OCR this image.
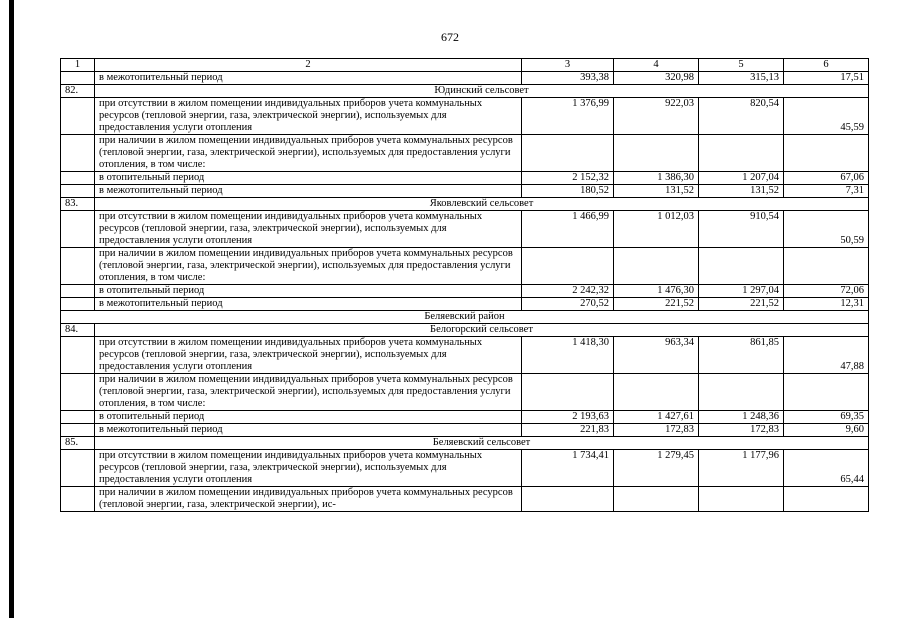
672
1	2	3	4	5	6
	в межотопительный период	393,38	320,98	315,13	17,51
82.	Юдинский сельсовет				
	при отсутствии в жилом помещении индивидуальных приборов учета коммунальных ресурсов (тепловой энергии, газа, электрической энергии), используемых для предоставления услуги отопления	1 376,99	922,03	820,54	45,59
	при наличии в жилом помещении индивидуальных приборов учета коммунальных ресурсов (тепловой энергии, газа, электрической энергии), используемых для предоставления услуги отопления, в том числе:				
	в отопительный период	2 152,32	1 386,30	1 207,04	67,06
	в межотопительный период	180,52	131,52	131,52	7,31
83.	Яковлевский сельсовет				
	при отсутствии в жилом помещении индивидуальных приборов учета коммунальных ресурсов (тепловой энергии, газа, электрической энергии), используемых для предоставления услуги отопления	1 466,99	1 012,03	910,54	50,59
	при наличии в жилом помещении индивидуальных приборов учета коммунальных ресурсов (тепловой энергии, газа, электрической энергии), используемых для предоставления услуги отопления, в том числе:				
	в отопительный период	2 242,32	1 476,30	1 297,04	72,06
	в межотопительный период	270,52	221,52	221,52	12,31
Беляевский район					
84.	Белогорский сельсовет				
	при отсутствии в жилом помещении индивидуальных приборов учета коммунальных ресурсов (тепловой энергии, газа, электрической энергии), используемых для предоставления услуги отопления	1 418,30	963,34	861,85	47,88
	при наличии в жилом помещении индивидуальных приборов учета коммунальных ресурсов (тепловой энергии, газа, электрической энергии), используемых для предоставления услуги отопления, в том числе:				
	в отопительный период	2 193,63	1 427,61	1 248,36	69,35
	в межотопительный период	221,83	172,83	172,83	9,60
85.	Беляевский сельсовет				
	при отсутствии в жилом помещении индивидуальных приборов учета коммунальных ресурсов (тепловой энергии, газа, электрической энергии), используемых для предоставления услуги отопления	1 734,41	1 279,45	1 177,96	65,44
	при наличии в жилом помещении индивидуальных приборов учета коммунальных ресурсов (тепловой энергии, газа, электрической энергии), ис-				
